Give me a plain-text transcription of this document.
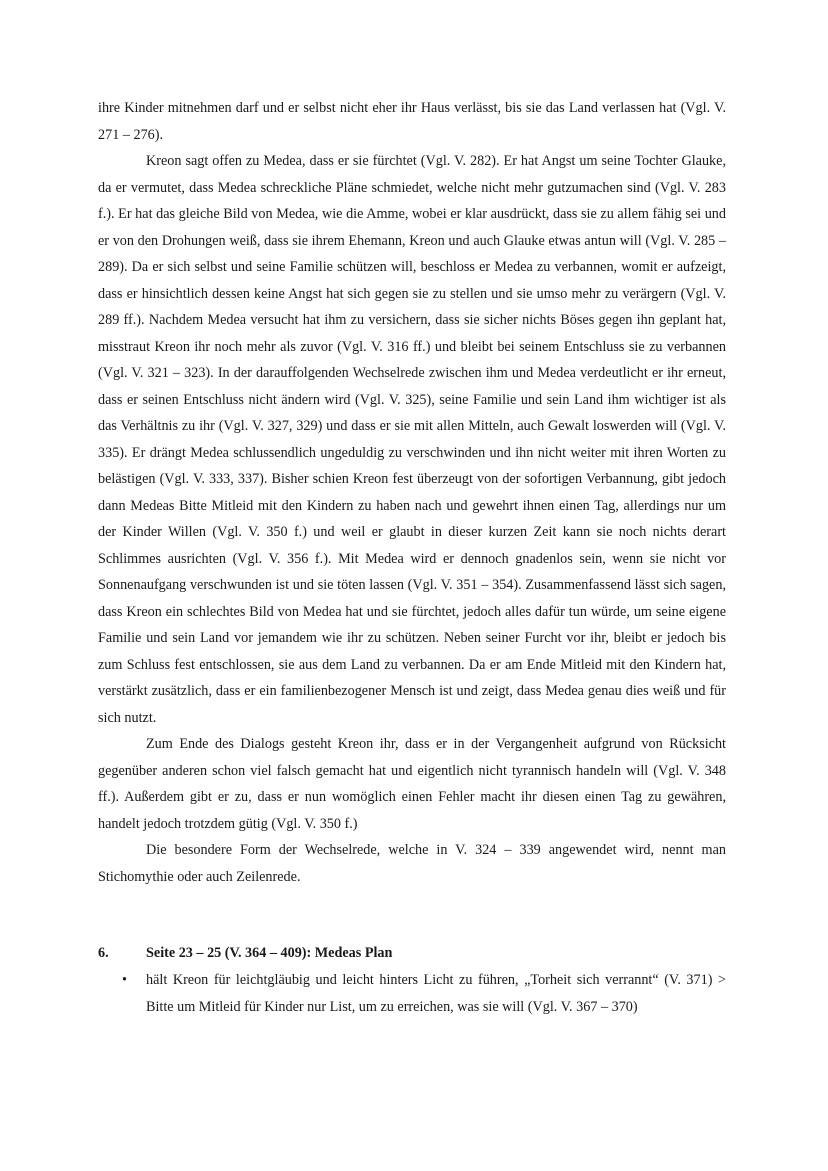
ihre Kinder mitnehmen darf und er selbst nicht eher ihr Haus verlässt, bis sie das Land verlassen hat (Vgl. V. 271 – 276).

Kreon sagt offen zu Medea, dass er sie fürchtet (Vgl. V. 282). Er hat Angst um seine Tochter Glauke, da er vermutet, dass Medea schreckliche Pläne schmiedet, welche nicht mehr gutzumachen sind (Vgl. V. 283 f.). Er hat das gleiche Bild von Medea, wie die Amme, wobei er klar ausdrückt, dass sie zu allem fähig sei und er von den Drohungen weiß, dass sie ihrem Ehemann, Kreon und auch Glauke etwas antun will (Vgl. V. 285 – 289). Da er sich selbst und seine Familie schützen will, beschloss er Medea zu verbannen, womit er aufzeigt, dass er hinsichtlich dessen keine Angst hat sich gegen sie zu stellen und sie umso mehr zu verärgern (Vgl. V. 289 ff.). Nachdem Medea versucht hat ihm zu versichern, dass sie sicher nichts Böses gegen ihn geplant hat, misstraut Kreon ihr noch mehr als zuvor (Vgl. V. 316 ff.) und bleibt bei seinem Entschluss sie zu verbannen (Vgl. V. 321 – 323). In der darauffolgenden Wechselrede zwischen ihm und Medea verdeutlicht er ihr erneut, dass er seinen Entschluss nicht ändern wird (Vgl. V. 325), seine Familie und sein Land ihm wichtiger ist als das Verhältnis zu ihr (Vgl. V. 327, 329) und dass er sie mit allen Mitteln, auch Gewalt loswerden will (Vgl. V. 335). Er drängt Medea schlussendlich ungeduldig zu verschwinden und ihn nicht weiter mit ihren Worten zu belästigen (Vgl. V. 333, 337). Bisher schien Kreon fest überzeugt von der sofortigen Verbannung, gibt jedoch dann Medeas Bitte Mitleid mit den Kindern zu haben nach und gewehrt ihnen einen Tag, allerdings nur um der Kinder Willen (Vgl. V. 350 f.) und weil er glaubt in dieser kurzen Zeit kann sie noch nichts derart Schlimmes ausrichten (Vgl. V. 356 f.). Mit Medea wird er dennoch gnadenlos sein, wenn sie nicht vor Sonnenaufgang verschwunden ist und sie töten lassen (Vgl. V. 351 – 354). Zusammenfassend lässt sich sagen, dass Kreon ein schlechtes Bild von Medea hat und sie fürchtet, jedoch alles dafür tun würde, um seine eigene Familie und sein Land vor jemandem wie ihr zu schützen. Neben seiner Furcht vor ihr, bleibt er jedoch bis zum Schluss fest entschlossen, sie aus dem Land zu verbannen. Da er am Ende Mitleid mit den Kindern hat, verstärkt zusätzlich, dass er ein familienbezogener Mensch ist und zeigt, dass Medea genau dies weiß und für sich nutzt.

Zum Ende des Dialogs gesteht Kreon ihr, dass er in der Vergangenheit aufgrund von Rücksicht gegenüber anderen schon viel falsch gemacht hat und eigentlich nicht tyrannisch handeln will (Vgl. V. 348 ff.). Außerdem gibt er zu, dass er nun womöglich einen Fehler macht ihr diesen einen Tag zu gewähren, handelt jedoch trotzdem gütig (Vgl. V. 350 f.)

Die besondere Form der Wechselrede, welche in V. 324 – 339 angewendet wird, nennt man Stichomythie oder auch Zeilenrede.

6.	Seite 23 – 25 (V. 364 – 409): Medeas Plan
• hält Kreon für leichtgläubig und leicht hinters Licht zu führen, „Torheit sich verrannt“ (V. 371) > Bitte um Mitleid für Kinder nur List, um zu erreichen, was sie will (Vgl. V. 367 – 370)
